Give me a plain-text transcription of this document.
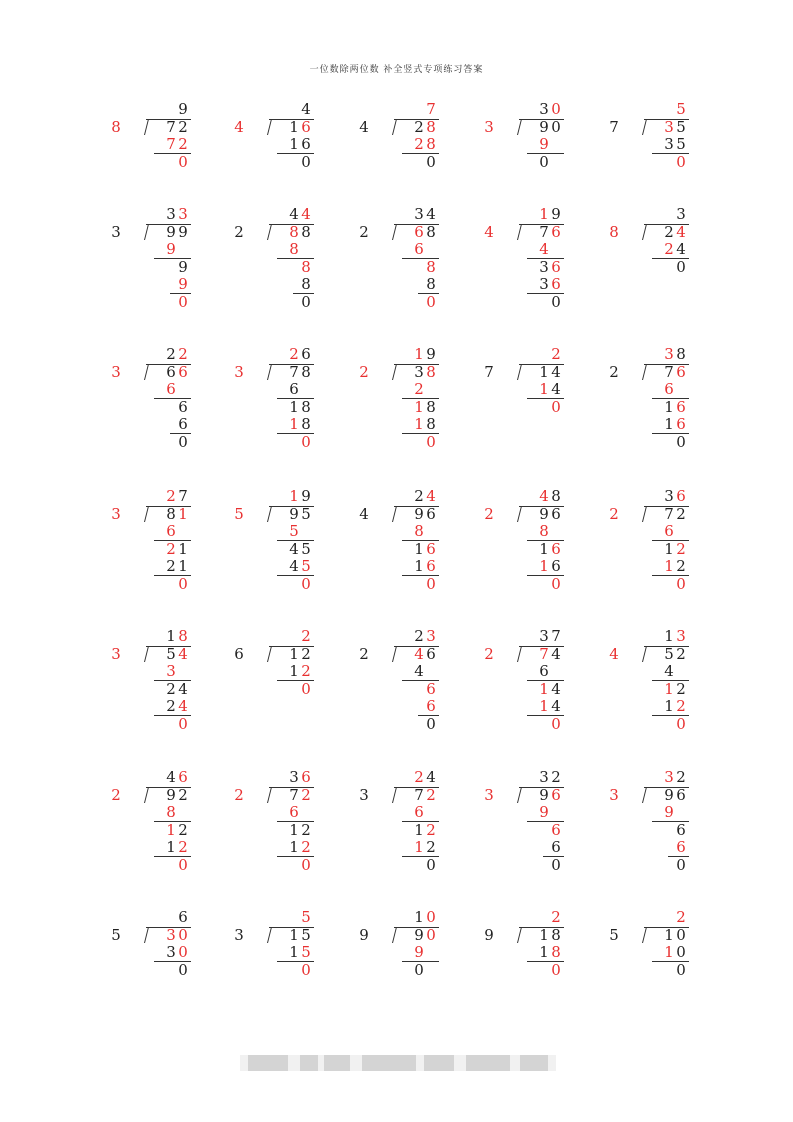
一位数除两位数 补全竖式专项练习答案
8
9
7 2
7 2
0
4
4
1 6
1 6
0
4
7
2 8
2 8
0
3
3 0
9 0
9
0
7
5
3 5
3 5
0
3
3 3
9 9
9
9
9
0
2
4 4
8 8
8
8
8
0
2
3 4
6 8
6
8
8
0
4
1 9
7 6
4
3 6
3 6
0
8
3
2 4
2 4
0
3
2 2
6 6
6
6
6
0
3
2 6
7 8
6
1 8
1 8
0
2
1 9
3 8
2
1 8
1 8
0
7
2
1 4
1 4
0
2
3 8
7 6
6
1 6
1 6
0
3
2 7
8 1
6
2 1
2 1
0
5
1 9
9 5
5
4 5
4 5
0
4
2 4
9 6
8
1 6
1 6
0
2
4 8
9 6
8
1 6
1 6
0
2
3 6
7 2
6
1 2
1 2
0
3
1 8
5 4
3
2 4
2 4
0
6
2
1 2
1 2
0
2
2 3
4 6
4
6
6
0
2
3 7
7 4
6
1 4
1 4
0
4
1 3
5 2
4
1 2
1 2
0
2
4 6
9 2
8
1 2
1 2
0
2
3 6
7 2
6
1 2
1 2
0
3
2 4
7 2
6
1 2
1 2
0
3
3 2
9 6
9
6
6
0
3
3 2
9 6
9
6
6
0
5
6
3 0
3 0
0
3
5
1 5
1 5
0
9
1 0
9 0
9
0
9
2
1 8
1 8
0
5
2
1 0
1 0
0
